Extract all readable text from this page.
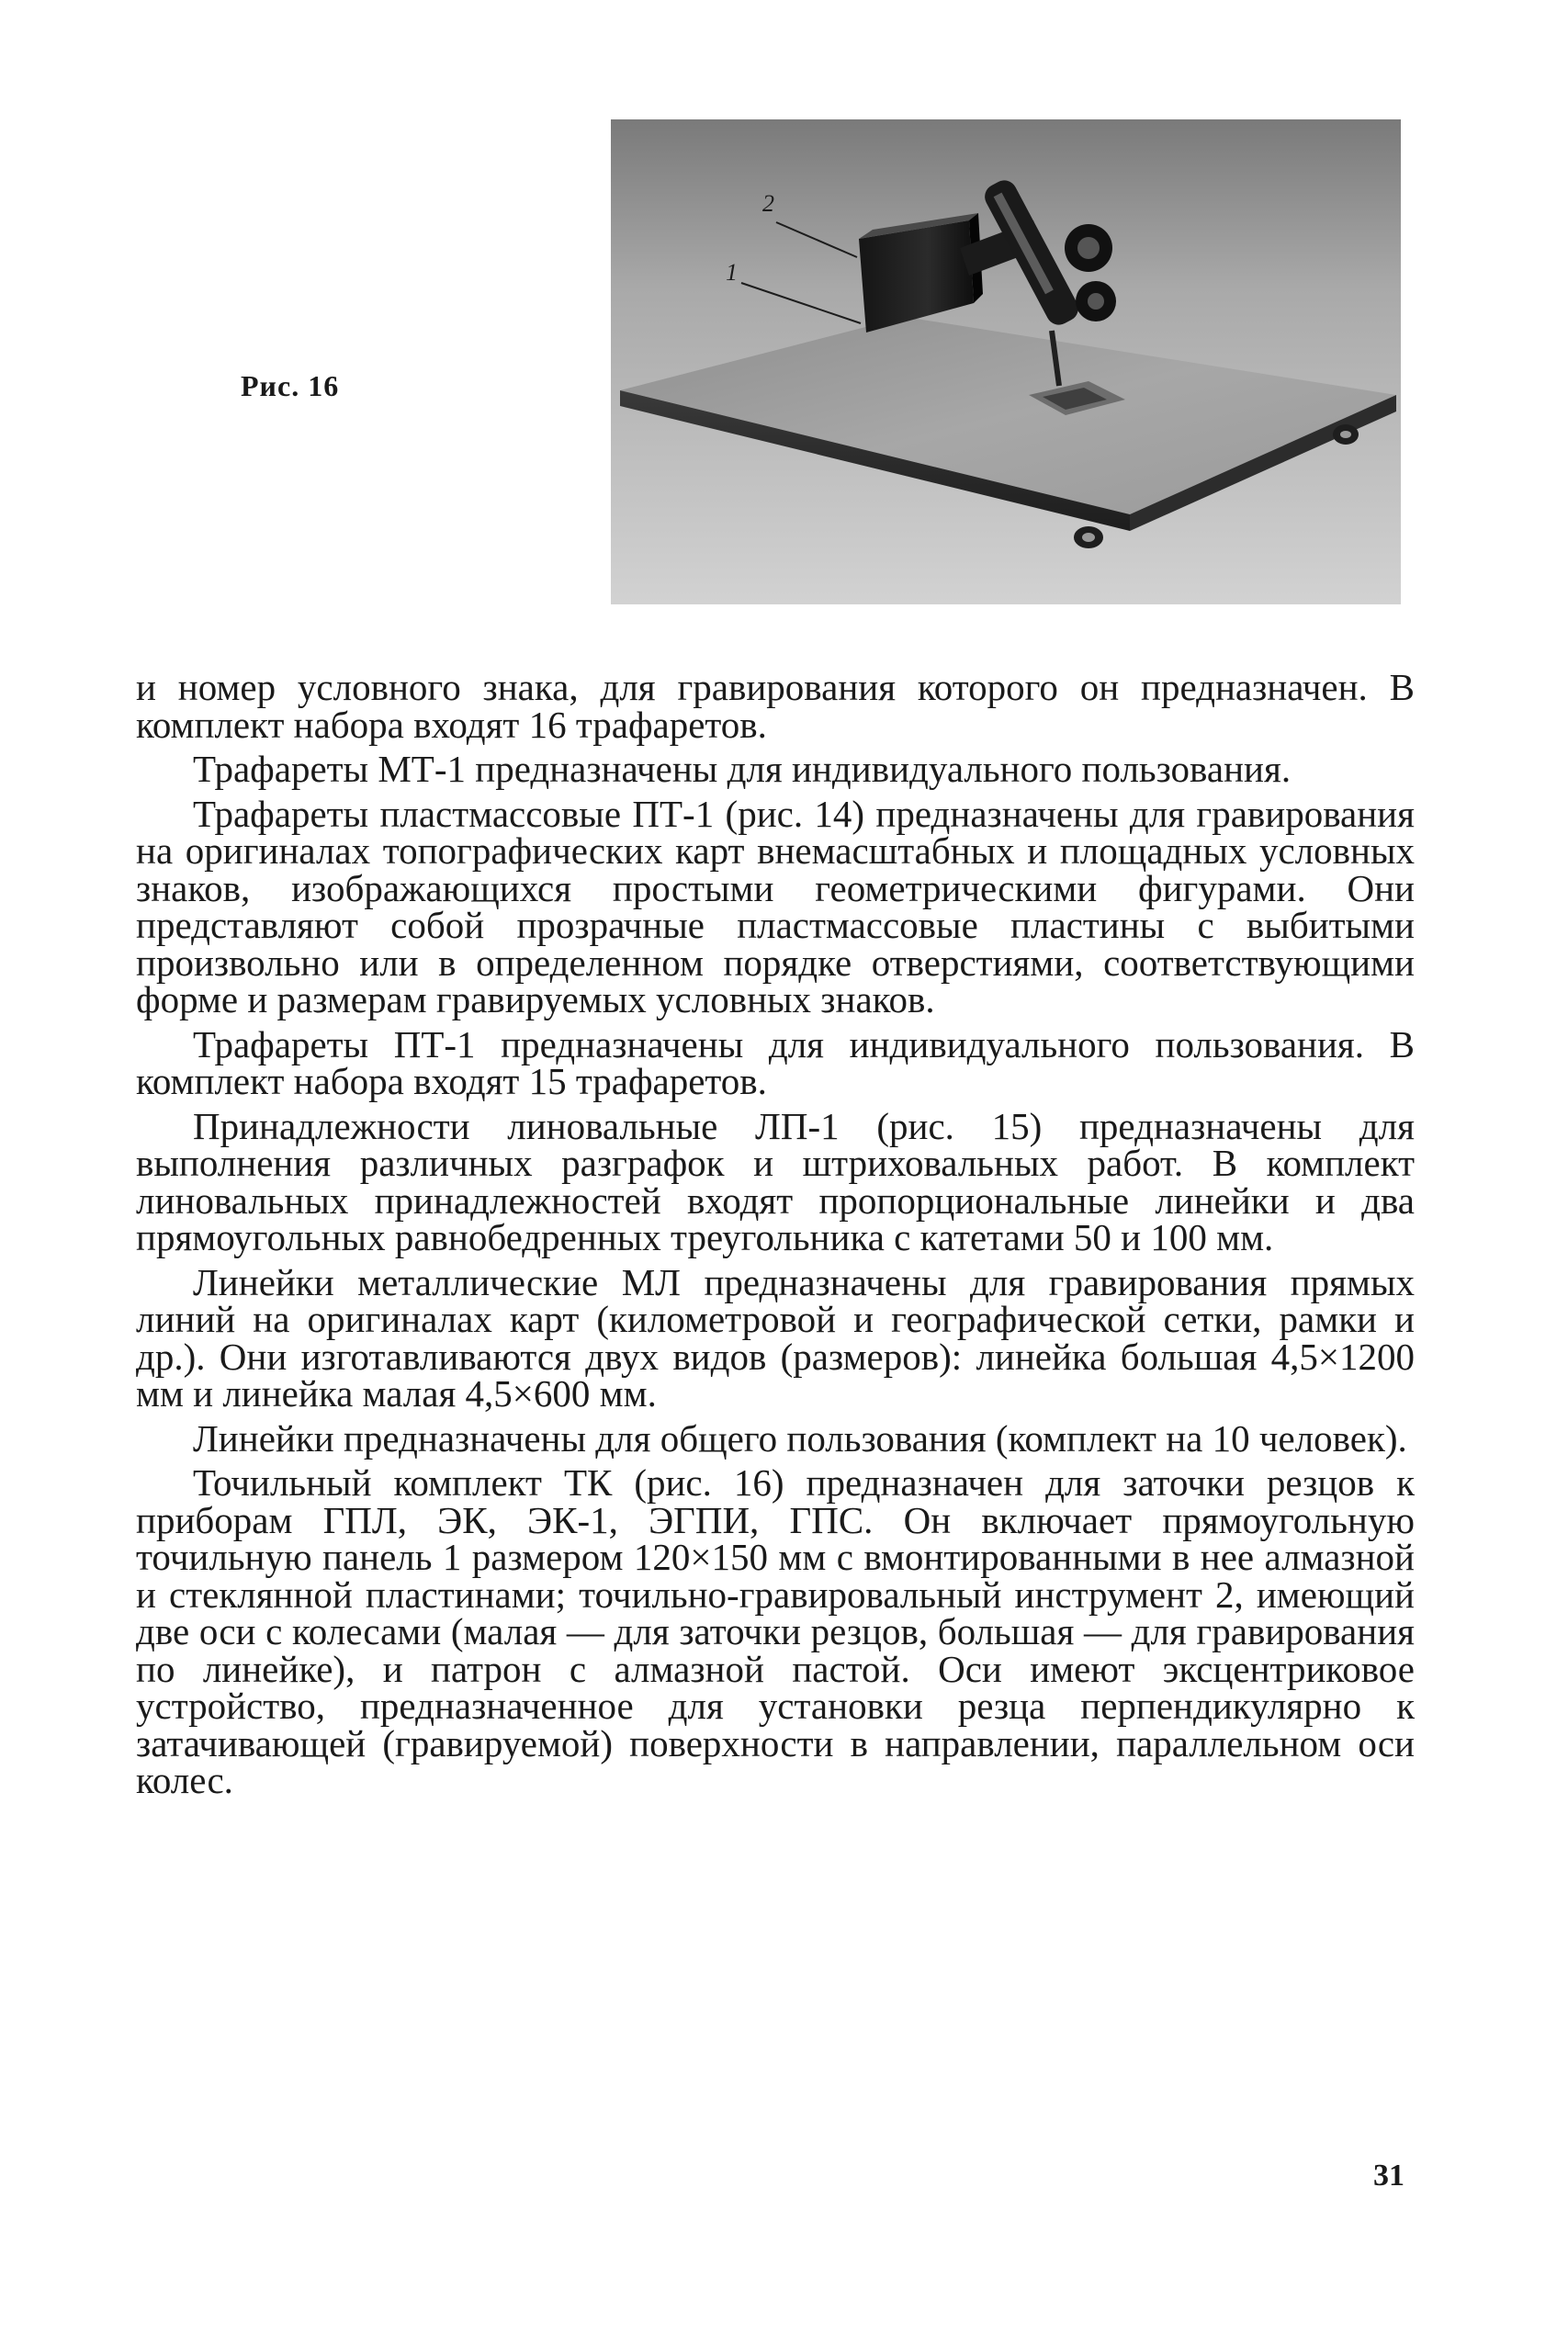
Рис. 16
2
1

и номер условного знака, для гравирования которого он предназначен. В комплект набора входят 16 трафаретов.

Трафареты МТ-1 предназначены для индивидуального пользования.

Трафареты пластмассовые ПТ-1 (рис. 14) предназначены для гравирования на оригиналах топографических карт внемасштабных и площадных условных знаков, изображающихся простыми геометрическими фигурами. Они представляют собой прозрачные пластмассовые пластины с выбитыми произвольно или в определенном порядке отверстиями, соответствующими форме и размерам гравируемых условных знаков.

Трафареты ПТ-1 предназначены для индивидуального пользования. В комплект набора входят 15 трафаретов.

Принадлежности линовальные ЛП-1 (рис. 15) предназначены для выполнения различных разграфок и штриховальных работ. В комплект линовальных принадлежностей входят пропорциональные линейки и два прямоугольных равнобедренных треугольника с катетами 50 и 100 мм.

Линейки металлические МЛ предназначены для гравирования прямых линий на оригиналах карт (километровой и географической сетки, рамки и др.). Они изготавливаются двух видов (размеров): линейка большая 4,5×1200 мм и линейка малая 4,5×600 мм.

Линейки предназначены для общего пользования (комплект на 10 человек).

Точильный комплект ТК (рис. 16) предназначен для заточки резцов к приборам ГПЛ, ЭК, ЭК-1, ЭГПИ, ГПС. Он включает прямоугольную точильную панель 1 размером 120×150 мм с вмонтированными в нее алмазной и стеклянной пластинами; точильно-гравировальный инструмент 2, имеющий две оси с колесами (малая — для заточки резцов, большая — для гравирования по линейке), и патрон с алмазной пастой. Оси имеют эксцентриковое устройство, предназначенное для установки резца перпендикулярно к затачивающей (гравируемой) поверхности в направлении, параллельном оси колес.

31
